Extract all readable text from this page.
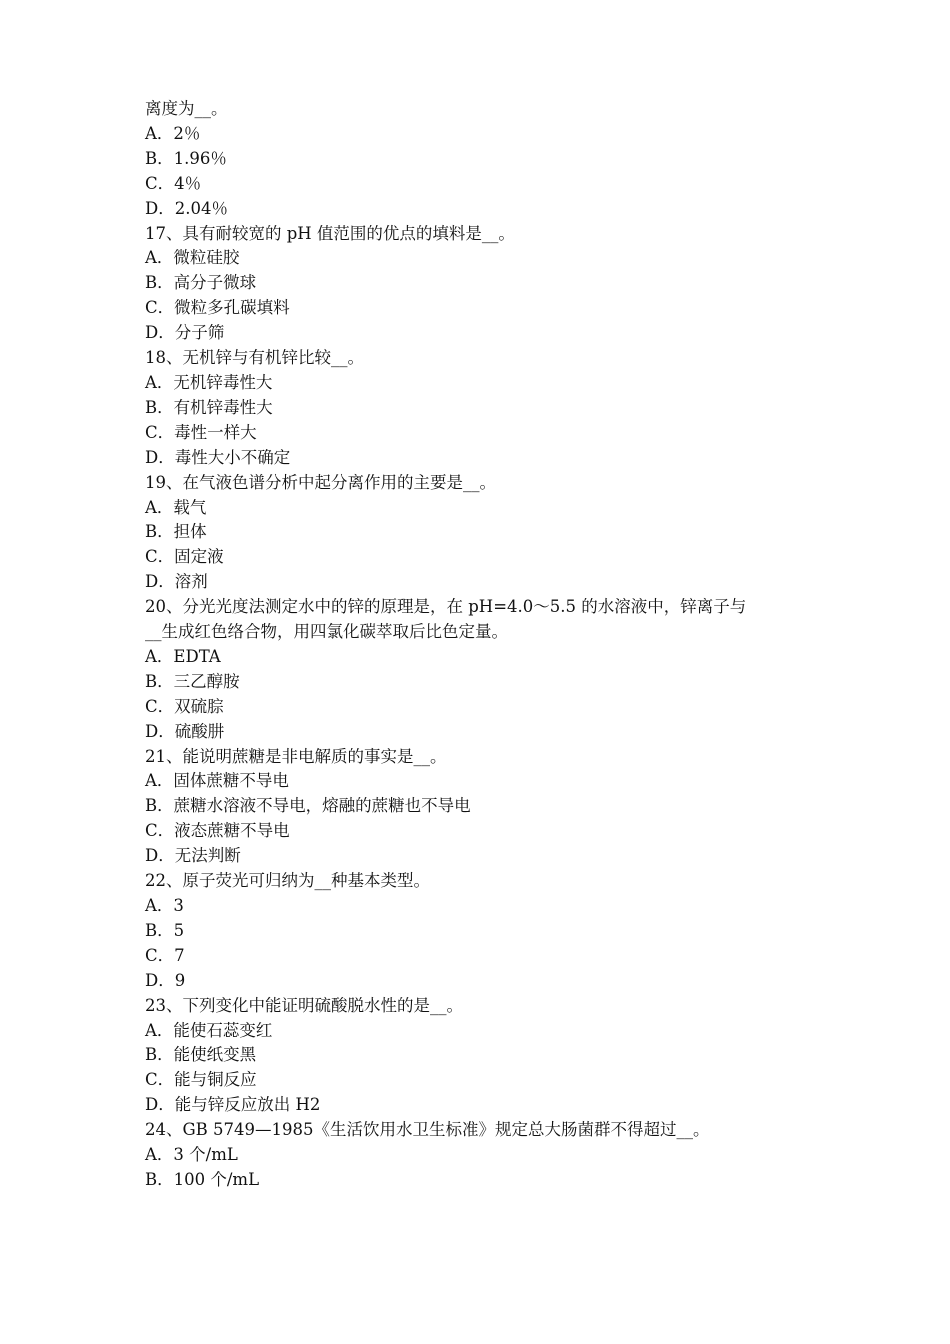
离度为__。
A．2％
B．1.96％
C．4％
D．2.04％
17、具有耐较宽的 pH 值范围的优点的填料是__。
A．微粒硅胶
B．高分子微球
C．微粒多孔碳填料
D．分子筛
18、无机锌与有机锌比较__。
A．无机锌毒性大
B．有机锌毒性大
C．毒性一样大
D．毒性大小不确定
19、在气液色谱分析中起分离作用的主要是__。
A．载气
B．担体
C．固定液
D．溶剂
20、分光光度法测定水中的锌的原理是，在 pH=4.0～5.5 的水溶液中，锌离子与
__生成红色络合物，用四氯化碳萃取后比色定量。
A．EDTA
B．三乙醇胺
C．双硫腙
D．硫酸肼
21、能说明蔗糖是非电解质的事实是__。
A．固体蔗糖不导电
B．蔗糖水溶液不导电，熔融的蔗糖也不导电
C．液态蔗糖不导电
D．无法判断
22、原子荧光可归纳为__种基本类型。
A．3
B．5
C．7
D．9
23、下列变化中能证明硫酸脱水性的是__。
A．能使石蕊变红
B．能使纸变黑
C．能与铜反应
D．能与锌反应放出 H2
24、GB 5749—1985《生活饮用水卫生标准》规定总大肠菌群不得超过__。
A．3 个/mL
B．100 个/mL
